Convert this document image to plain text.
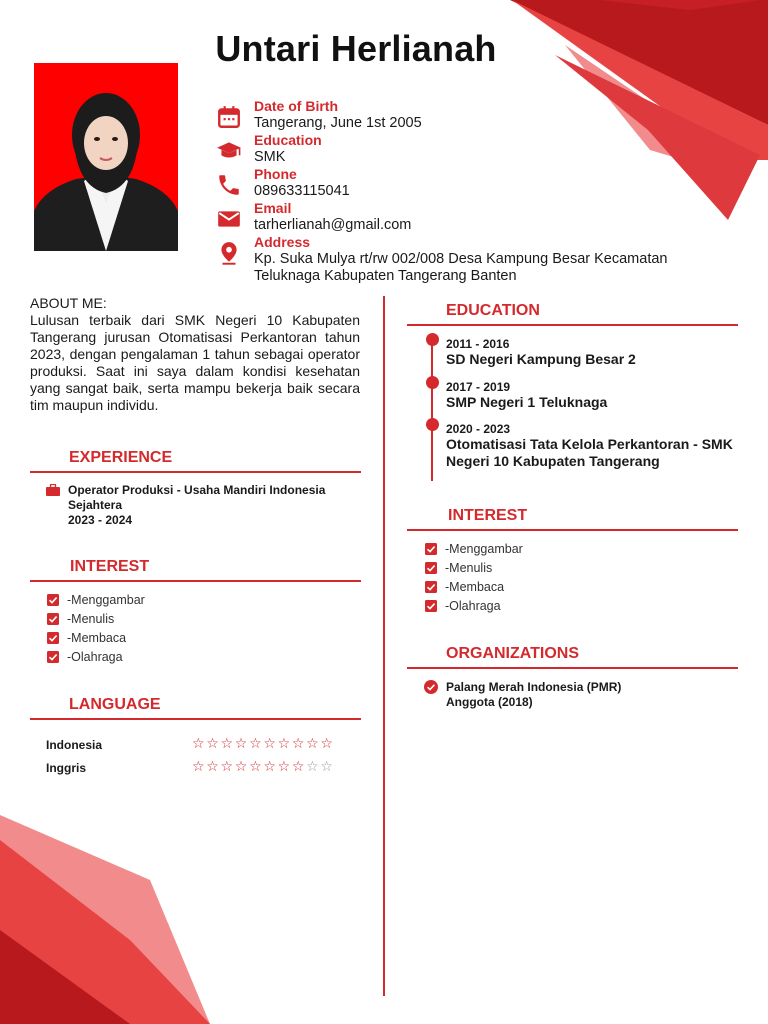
Untari Herlianah
Date of Birth
Tangerang, June 1st 2005
Education
SMK
Phone
089633115041
Email
tarherlianah@gmail.com
Address
Kp. Suka Mulya rt/rw 002/008 Desa Kampung Besar Kecamatan Teluknaga Kabupaten Tangerang Banten
ABOUT ME:
Lulusan terbaik dari SMK Negeri 10 Kabupaten Tangerang jurusan Otomatisasi Perkantoran tahun 2023, dengan pengalaman 1 tahun sebagai operator produksi. Saat ini saya dalam kondisi kesehatan yang sangat baik, serta mampu bekerja baik secara tim maupun individu.
EXPERIENCE
Operator Produksi - Usaha Mandiri Indonesia Sejahtera
2023 - 2024
INTEREST
-Menggambar
-Menulis
-Membaca
-Olahraga
LANGUAGE
Indonesia	☆☆☆☆☆☆☆☆☆☆
Inggris	☆☆☆☆☆☆☆☆☆☆
EDUCATION
2011 - 2016
SD Negeri Kampung Besar 2
2017 - 2019
SMP Negeri 1 Teluknaga
2020 - 2023
Otomatisasi Tata Kelola Perkantoran - SMK Negeri 10 Kabupaten Tangerang
INTEREST
-Menggambar
-Menulis
-Membaca
-Olahraga
ORGANIZATIONS
Palang Merah Indonesia (PMR)
Anggota (2018)
